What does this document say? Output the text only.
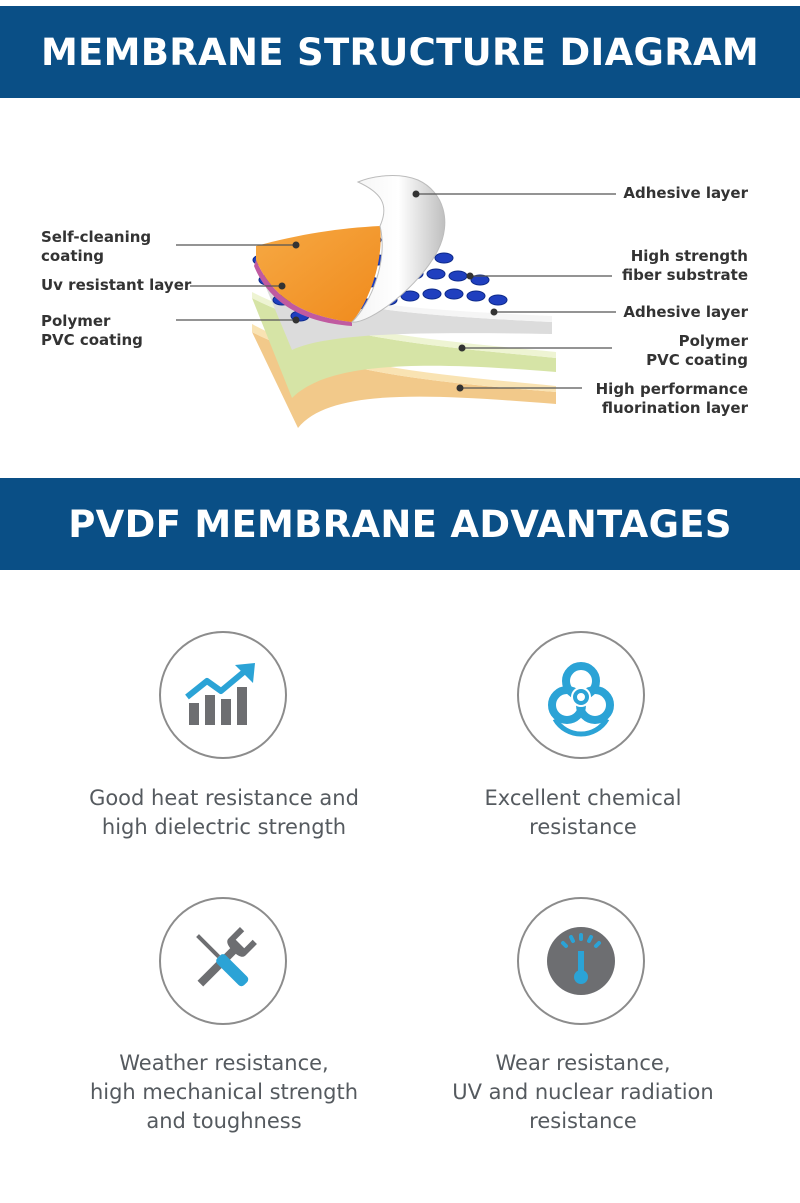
MEMBRANE STRUCTURE DIAGRAM
Adhesive layer
Self-cleaning
coating
Uv resistant layer
Polymer
PVC coating
High strength
fiber substrate
Adhesive layer
Polymer
PVC coating
High performance
fluorination layer
PVDF MEMBRANE ADVANTAGES
Good heat resistance and
high dielectric strength
Excellent chemical
resistance
Weather resistance,
high mechanical strength
and toughness
Wear resistance,
UV and nuclear radiation
resistance
